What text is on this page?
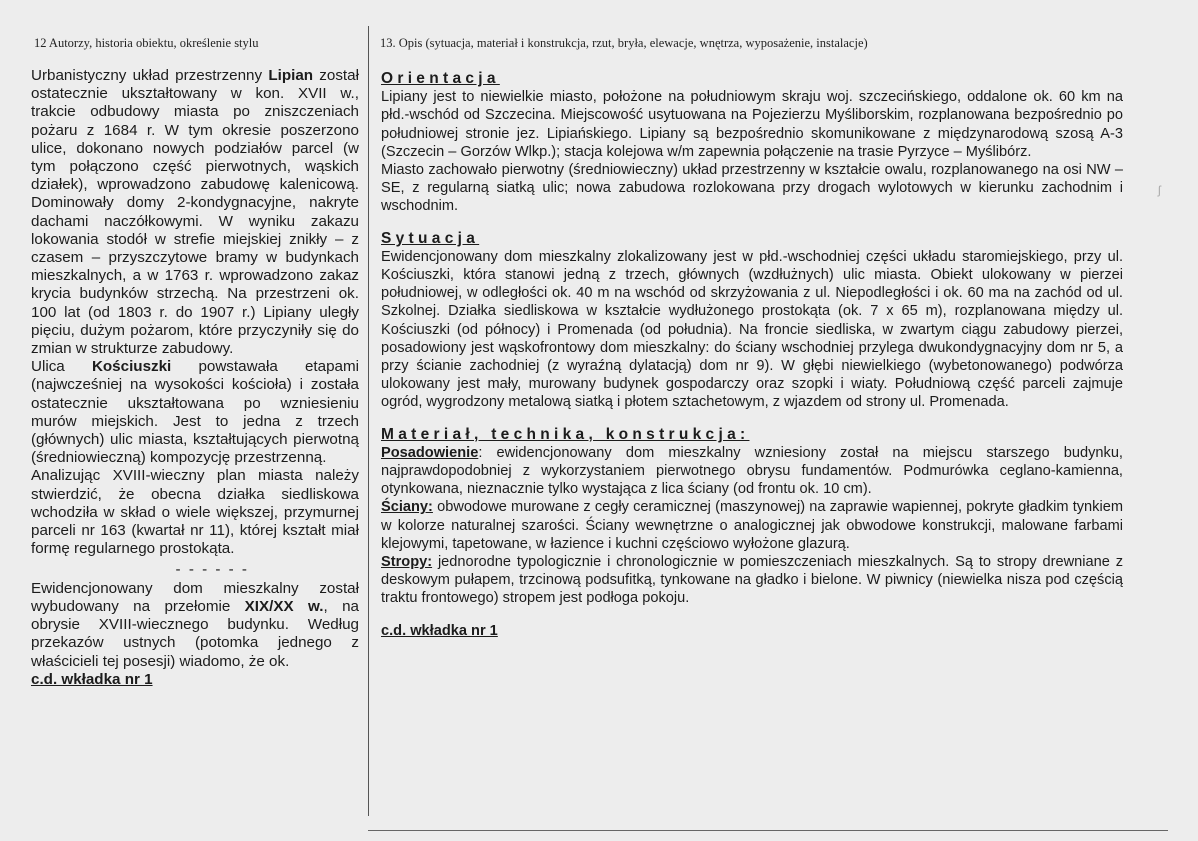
12 Autorzy, historia obiektu, określenie stylu	13. Opis (sytuacja, materiał i konstrukcja, rzut, bryła, elewacje, wnętrza, wyposażenie, instalacje)

Urbanistyczny układ przestrzenny Lipian został ostatecznie ukształtowany w kon. XVII w., trakcie odbudowy miasta po zniszczeniach pożaru z 1684 r. W tym okresie poszerzono ulice, dokonano nowych podziałów parcel (w tym połączono część pierwotnych, wąskich działek), wprowadzono zabudowę kalenicową. Dominowały domy 2-kondygnacyjne, nakryte dachami naczółkowymi. W wyniku zakazu lokowania stodół w strefie miejskiej znikły – z czasem – przyszczytowe bramy w budynkach mieszkalnych, a w 1763 r. wprowadzono zakaz krycia budynków strzechą. Na przestrzeni ok. 100 lat (od 1803 r. do 1907 r.) Lipiany uległy pięciu, dużym pożarom, które przyczyniły się do zmian w strukturze zabudowy.

Ulica Kościuszki powstawała etapami (najwcześniej na wysokości kościoła) i została ostatecznie ukształtowana po wzniesieniu murów miejskich. Jest to jedna z trzech (głównych) ulic miasta, kształtujących pierwotną (średniowieczną) kompozycję przestrzenną.

Analizując XVIII-wieczny plan miasta należy stwierdzić, że obecna działka siedliskowa wchodziła w skład o wiele większej, przymurnej parceli nr 163 (kwartał nr 11), której kształt miał formę regularnego prostokąta.

- - - - - -

Ewidencjonowany dom mieszkalny został wybudowany na przełomie XIX/XX w., na obrysie XVIII-wiecznego budynku. Według przekazów ustnych (potomka jednego z właścicieli tej posesji) wiadomo, że ok.

c.d. wkładka nr 1

Orientacja

Lipiany jest to niewielkie miasto, położone na południowym skraju woj. szczecińskiego, oddalone ok. 60 km na płd.-wschód od Szczecina. Miejscowość usytuowana na Pojezierzu Myśliborskim, rozplanowana bezpośrednio po południowej stronie jez. Lipiańskiego. Lipiany są bezpośrednio skomunikowane z międzynarodową szosą A-3 (Szczecin – Gorzów Wlkp.); stacja kolejowa w/m zapewnia połączenie na trasie Pyrzyce – Myślibórz.

Miasto zachowało pierwotny (średniowieczny) układ przestrzenny w kształcie owalu, rozplanowanego na osi NW – SE, z regularną siatką ulic; nowa zabudowa rozlokowana przy drogach wylotowych w kierunku zachodnim i wschodnim.

Sytuacja

Ewidencjonowany dom mieszkalny zlokalizowany jest w płd.-wschodniej części układu staromiejskiego, przy ul. Kościuszki, która stanowi jedną z trzech, głównych (wzdłużnych) ulic miasta. Obiekt ulokowany w pierzei południowej, w odległości ok. 40 m na wschód od skrzyżowania z ul. Niepodległości i ok. 60 ma na zachód od ul. Szkolnej. Działka siedliskowa w kształcie wydłużonego prostokąta (ok. 7 x 65 m), rozplanowana między ul. Kościuszki (od północy) i Promenada (od południa). Na froncie siedliska, w zwartym ciągu zabudowy pierzei, posadowiony jest wąskofrontowy dom mieszkalny: do ściany wschodniej przylega dwukondygnacyjny dom nr 5, a przy ścianie zachodniej (z wyraźną dylatacją) dom nr 9). W głębi niewielkiego (wybetonowanego) podwórza ulokowany jest mały, murowany budynek gospodarczy oraz szopki i wiaty. Południową część parceli zajmuje ogród, wygrodzony metalową siatką i płotem sztachetowym, z wjazdem od strony ul. Promenada.

Materiał, technika, konstrukcja:

Posadowienie: ewidencjonowany dom mieszkalny wzniesiony został na miejscu starszego budynku, najprawdopodobniej z wykorzystaniem pierwotnego obrysu fundamentów. Podmurówka ceglano-kamienna, otynkowana, nieznacznie tylko wystająca z lica ściany (od frontu ok. 10 cm).

Ściany: obwodowe murowane z cegły ceramicznej (maszynowej) na zaprawie wapiennej, pokryte gładkim tynkiem w kolorze naturalnej szarości. Ściany wewnętrzne o analogicznej jak obwodowe konstrukcji, malowane farbami klejowymi, tapetowane, w łazience i kuchni częściowo wyłożone glazurą.

Stropy: jednorodne typologicznie i chronologicznie w pomieszczeniach mieszkalnych. Są to stropy drewniane z deskowym pułapem, trzcinową podsufitką, tynkowane na gładko i bielone. W piwnicy (niewielka nisza pod częścią traktu frontowego) stropem jest podłoga pokoju.

c.d. wkładka nr 1

ʃ
